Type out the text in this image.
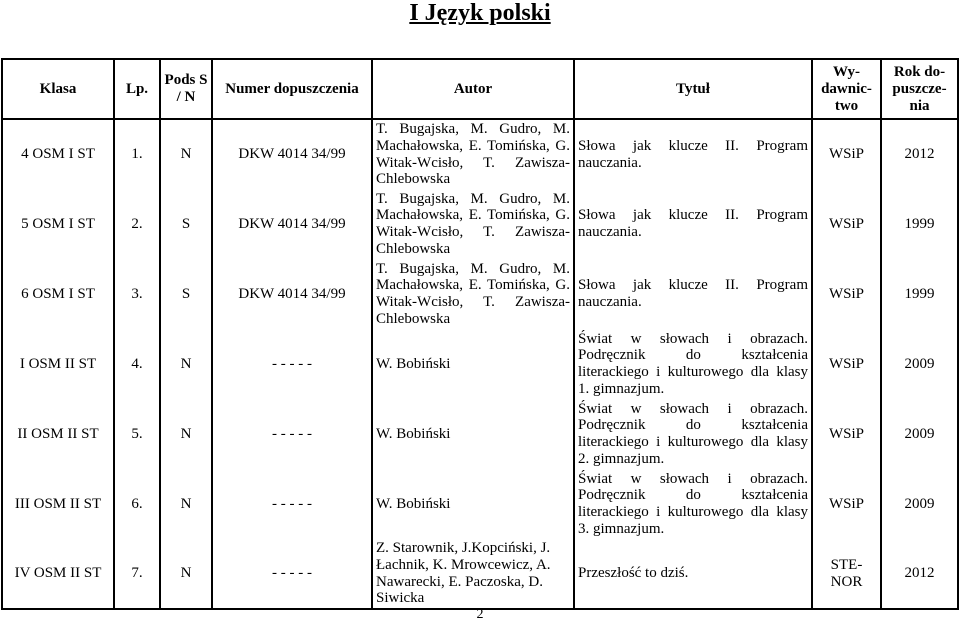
I Język polski
Klasa	Lp.	Pods S / N	Numer dopuszczenia	Autor	Tytuł	Wy-dawnic-two	Rok do-puszcze-nia
4 OSM I ST	1.	N	DKW 4014 34/99	T. Bugajska, M. Gudro, M. Machałowska, E. Tomińska, G. Witak-Wcisło, T. Zawisza-Chlebowska	Słowa jak klucze II. Program nauczania.	WSiP	2012
5 OSM I ST	2.	S	DKW 4014 34/99	T. Bugajska, M. Gudro, M. Machałowska, E. Tomińska, G. Witak-Wcisło, T. Zawisza-Chlebowska	Słowa jak klucze II. Program nauczania.	WSiP	1999
6 OSM I ST	3.	S	DKW 4014 34/99	T. Bugajska, M. Gudro, M. Machałowska, E. Tomińska, G. Witak-Wcisło, T. Zawisza-Chlebowska	Słowa jak klucze II. Program nauczania.	WSiP	1999
I OSM II ST	4.	N	- - - - -	W. Bobiński	Świat w słowach i obrazach. Podręcznik do kształcenia literackiego i kulturowego dla klasy 1. gimnazjum.	WSiP	2009
II OSM II ST	5.	N	- - - - -	W. Bobiński	Świat w słowach i obrazach. Podręcznik do kształcenia literackiego i kulturowego dla klasy 2. gimnazjum.	WSiP	2009
III OSM II ST	6.	N	- - - - -	W. Bobiński	Świat w słowach i obrazach. Podręcznik do kształcenia literackiego i kulturowego dla klasy 3. gimnazjum.	WSiP	2009
IV OSM II ST	7.	N	- - - - -	Z. Starownik, J.Kopciński, J. Łachnik, K. Mrowcewicz, A. Nawarecki, E. Paczoska, D. Siwicka	Przeszłość to dziś.	STE-NOR	2012
2
